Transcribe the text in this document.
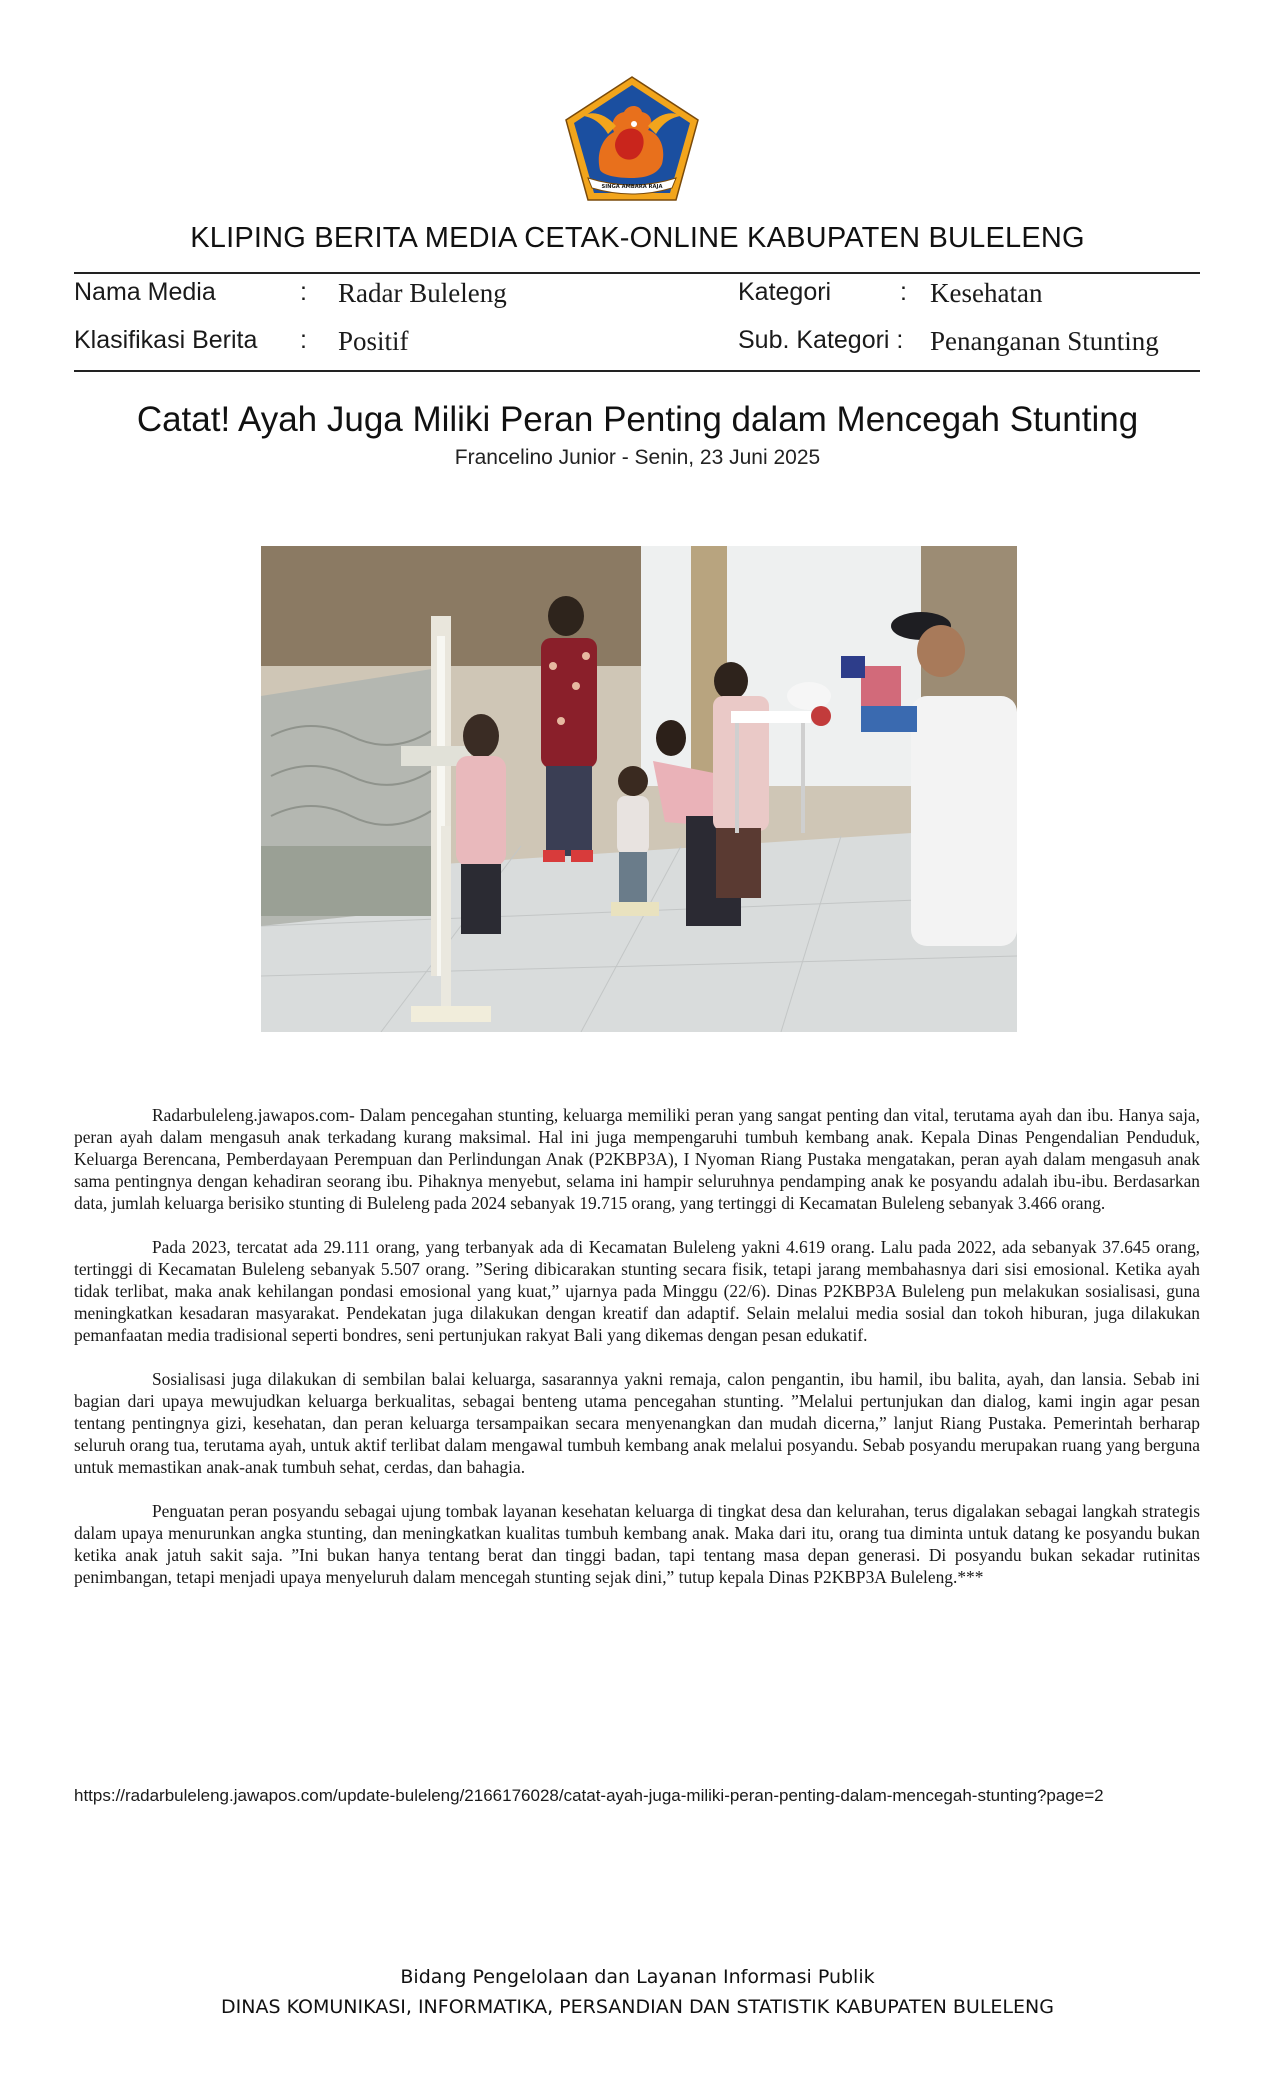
SINGA AMBARA RAJA
KLIPING BERITA MEDIA CETAK-ONLINE KABUPATEN BULELENG
Nama Media	: Radar Buleleng	Kategori	: Kesehatan
Klasifikasi Berita : Positif	Sub. Kategori : Penanganan Stunting
Catat! Ayah Juga Miliki Peran Penting dalam Mencegah Stunting
Francelino Junior - Senin, 23 Juni 2025

Radarbuleleng.jawapos.com- Dalam pencegahan stunting, keluarga memiliki peran yang sangat penting dan vital, terutama ayah dan ibu. Hanya saja, peran ayah dalam mengasuh anak terkadang kurang maksimal. Hal ini juga mempengaruhi tumbuh kembang anak. Kepala Dinas Pengendalian Penduduk, Keluarga Berencana, Pemberdayaan Perempuan dan Perlindungan Anak (P2KBP3A), I Nyoman Riang Pustaka mengatakan, peran ayah dalam mengasuh anak sama pentingnya dengan kehadiran seorang ibu. Pihaknya menyebut, selama ini hampir seluruhnya pendamping anak ke posyandu adalah ibu-ibu. Berdasarkan data, jumlah keluarga berisiko stunting di Buleleng pada 2024 sebanyak 19.715 orang, yang tertinggi di Kecamatan Buleleng sebanyak 3.466 orang.

Pada 2023, tercatat ada 29.111 orang, yang terbanyak ada di Kecamatan Buleleng yakni 4.619 orang. Lalu pada 2022, ada sebanyak 37.645 orang, tertinggi di Kecamatan Buleleng sebanyak 5.507 orang. ”Sering dibicarakan stunting secara fisik, tetapi jarang membahasnya dari sisi emosional. Ketika ayah tidak terlibat, maka anak kehilangan pondasi emosional yang kuat,” ujarnya pada Minggu (22/6). Dinas P2KBP3A Buleleng pun melakukan sosialisasi, guna meningkatkan kesadaran masyarakat. Pendekatan juga dilakukan dengan kreatif dan adaptif. Selain melalui media sosial dan tokoh hiburan, juga dilakukan pemanfaatan media tradisional seperti bondres, seni pertunjukan rakyat Bali yang dikemas dengan pesan edukatif.

Sosialisasi juga dilakukan di sembilan balai keluarga, sasarannya yakni remaja, calon pengantin, ibu hamil, ibu balita, ayah, dan lansia. Sebab ini bagian dari upaya mewujudkan keluarga berkualitas, sebagai benteng utama pencegahan stunting. ”Melalui pertunjukan dan dialog, kami ingin agar pesan tentang pentingnya gizi, kesehatan, dan peran keluarga tersampaikan secara menyenangkan dan mudah dicerna,” lanjut Riang Pustaka. Pemerintah berharap seluruh orang tua, terutama ayah, untuk aktif terlibat dalam mengawal tumbuh kembang anak melalui posyandu. Sebab posyandu merupakan ruang yang berguna untuk memastikan anak-anak tumbuh sehat, cerdas, dan bahagia.

Penguatan peran posyandu sebagai ujung tombak layanan kesehatan keluarga di tingkat desa dan kelurahan, terus digalakan sebagai langkah strategis dalam upaya menurunkan angka stunting, dan meningkatkan kualitas tumbuh kembang anak. Maka dari itu, orang tua diminta untuk datang ke posyandu bukan ketika anak jatuh sakit saja. ”Ini bukan hanya tentang berat dan tinggi badan, tapi tentang masa depan generasi. Di posyandu bukan sekadar rutinitas penimbangan, tetapi menjadi upaya menyeluruh dalam mencegah stunting sejak dini,” tutup kepala Dinas P2KBP3A Buleleng.***

https://radarbuleleng.jawapos.com/update-buleleng/2166176028/catat-ayah-juga-miliki-peran-penting-dalam-mencegah-stunting?page=2
Bidang Pengelolaan dan Layanan Informasi Publik
DINAS KOMUNIKASI, INFORMATIKA, PERSANDIAN DAN STATISTIK KABUPATEN BULELENG
